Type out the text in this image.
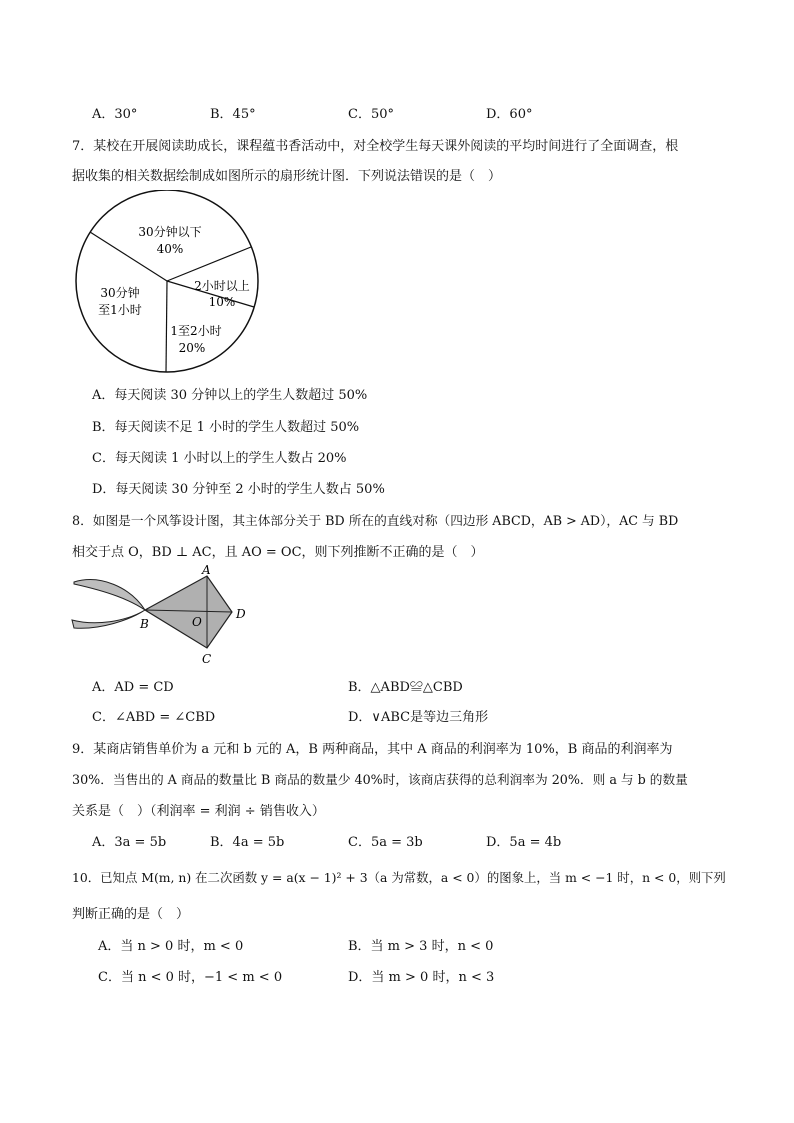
A．30°	B．45°	C．50°	D．60°
7．某校在开展阅读助成长，课程蕴书香活动中，对全校学生每天课外阅读的平均时间进行了全面调查，根
据收集的相关数据绘制成如图所示的扇形统计图．下列说法错误的是（　）
30分钟以下
40%
2小时以上
10%
30分钟
至1小时
1至2小时
20%
A．每天阅读 30 分钟以上的学生人数超过 50%
B．每天阅读不足 1 小时的学生人数超过 50%
C．每天阅读 1 小时以上的学生人数占 20%
D．每天阅读 30 分钟至 2 小时的学生人数占 50%
8．如图是一个风筝设计图，其主体部分关于 BD 所在的直线对称（四边形 ABCD，AB > AD），AC 与 BD
相交于点 O，BD ⊥ AC，且 AO = OC，则下列推断不正确的是（　）
A
B
C
D
O
A．AD = CD	B．△ABD≌△CBD
C．∠ABD = ∠CBD	D．∨ABC是等边三角形
9．某商店销售单价为 a 元和 b 元的 A，B 两种商品，其中 A 商品的利润率为 10%，B 商品的利润率为
30%．当售出的 A 商品的数量比 B 商品的数量少 40%时，该商店获得的总利润率为 20%．则 a 与 b 的数量
关系是（　）（利润率 = 利润 ÷ 销售收入）
A．3a = 5b	B．4a = 5b	C．5a = 3b	D．5a = 4b
10．已知点 M(m, n) 在二次函数 y = a(x − 1)² + 3（a 为常数，a < 0）的图象上，当 m < −1 时，n < 0，则下列
判断正确的是（　）
A．当 n > 0 时，m < 0	B．当 m > 3 时，n < 0
C．当 n < 0 时，−1 < m < 0	D．当 m > 0 时，n < 3
